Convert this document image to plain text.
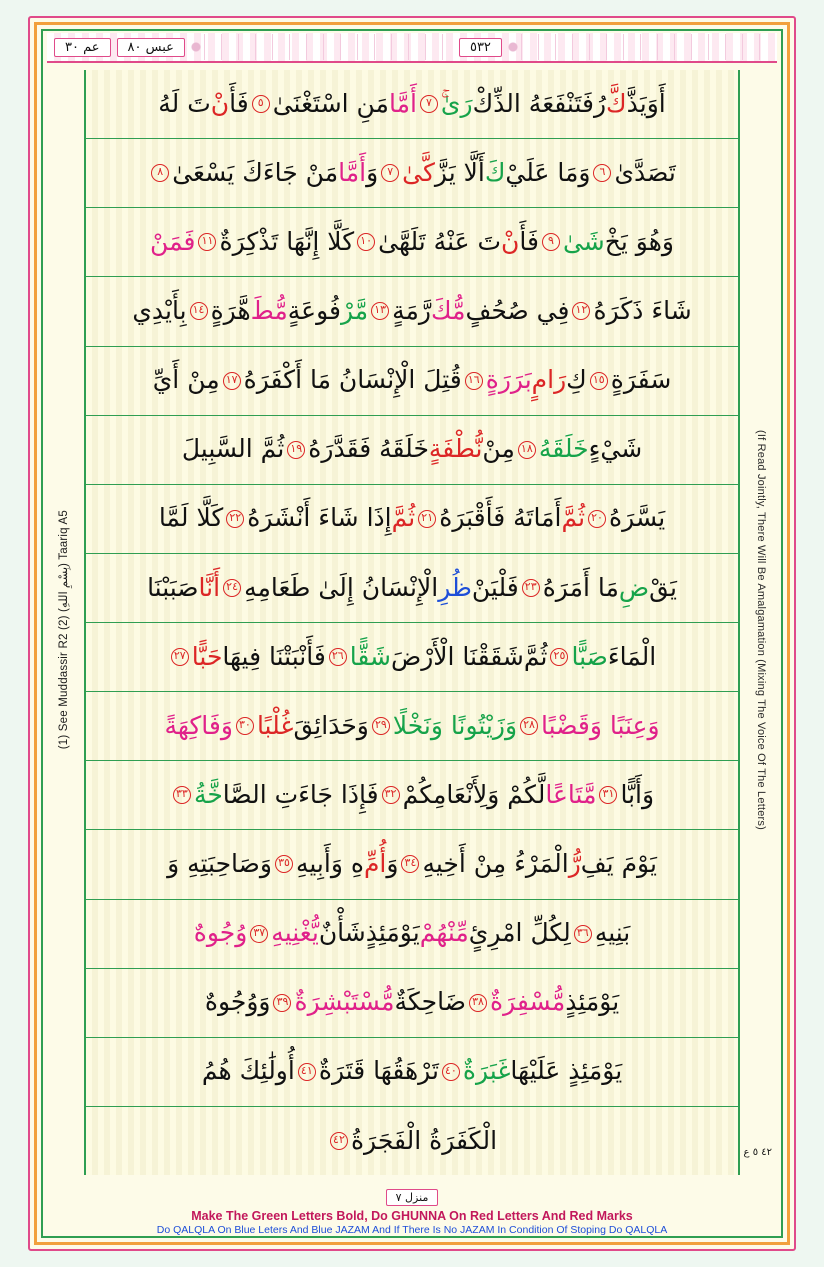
عم ٣٠	عبس ٨٠	٥٣٢
(1) See Muddassir R2 (2) (بِسْمِ اللهِ) Taariq A5	(If Read Jointly, There Will Be Amalgamation (Mixing The Voice Of The Letters)
أَوَيَذَّ
كَّ
رُفَتَنْفَعَهُ الذِّكْ
رَىٰ
٧
أَمَّا
مَنِ اسْتَغْنَىٰ
٥
فَأَ
نْ
تَ لَهُ
تَصَدَّىٰ
٦
وَمَا عَلَيْ
كَ
أَلَّا يَزَّ
كَّىٰ
٧
وَ
أَمَّا
مَنْ جَاءَكَ يَسْعَىٰ
٨
وَهُوَ يَخْ
شَىٰ
٩
فَأَ
نْ
تَ عَنْهُ تَلَهَّىٰ
١٠
كَلَّا إِنَّهَا تَذْكِرَةٌ
١١
فَمَنْ
شَاءَ ذَكَرَهُ
١٢
فِي صُحُفٍ
مُّكَ
رَّمَةٍ
١٣
مَّرْ
فُوعَةٍ
مُّطَ
هَّرَةٍ
١٤
بِأَيْدِي
سَفَرَةٍ
١٥
كِ
رَامٍ
بَرَرَةٍ
١٦
قُتِلَ الْإِنْسَانُ مَا أَكْفَرَهُ
١٧
مِنْ أَيِّ
شَيْءٍ
خَلَقَهُ
١٨
مِنْ
نُّطْفَةٍ
خَلَقَهُ فَقَدَّرَهُ
١٩
ثُمَّ السَّبِيلَ
يَسَّرَهُ
٢٠
ثُمَّ
أَمَاتَهُ فَأَقْبَرَهُ
٢١
ثُمَّ
إِذَا شَاءَ أَنْشَرَهُ
٢٢
كَلَّا لَمَّا
يَقْ
ضِ
مَا أَمَرَهُ
٢٣
فَلْيَنْ
ظُرِ
الْإِنْسَانُ إِلَىٰ طَعَامِهِ
٢٤
أَنَّا
صَبَبْنَا
الْمَاءَ
صَبًّا
٢٥
ثُمَّ
شَقَقْنَا الْأَرْضَ
شَقًّا
٢٦
فَأَنْبَتْنَا فِيهَا
حَبًّا
٢٧
وَعِنَبًا وَقَضْبًا
٢٨
وَزَيْتُونًا وَنَخْلًا
٢٩
وَحَدَائِقَ
غُلْبًا
٣٠
وَفَاكِهَةً
وَأَبًّا
٣١
مَّتَاعًا
لَّكُمْ وَلِأَنْعَامِكُمْ
٣٢
فَإِذَا جَاءَتِ الصَّا
خَّةُ
٣٣
يَوْمَ يَفِ
رُّ
الْمَرْءُ مِنْ أَخِيهِ
٣٤
وَ
أُمِّ
هِ وَأَبِيهِ
٣٥
وَصَاحِبَتِهِ وَ
بَنِيهِ
٣٦
لِكُلِّ امْرِئٍ
مِّنْهُمْ
يَوْمَئِذٍ
شَأْنٌ
يُّغْنِيهِ
٣٧
وُجُوهٌ
يَوْمَئِذٍ
مُّسْفِرَةٌ
٣٨
ضَاحِكَةٌ
مُّسْتَبْشِرَةٌ
٣٩
وَوُجُوهٌ
يَوْمَئِذٍ عَلَيْهَا
غَبَرَةٌ
٤٠
تَرْهَقُهَا قَتَرَةٌ
٤١
أُولَٰئِكَ هُمُ
الْكَفَرَةُ الْفَجَرَةُ
٤٢
٥ ٤٢ ع
منزل ٧
Make The Green Letters Bold, Do GHUNNA On Red Letters And Red Marks
Do QALQLA On Blue Leters And Blue JAZAM And If There Is No JAZAM In Condition Of Stoping Do QALQLA
